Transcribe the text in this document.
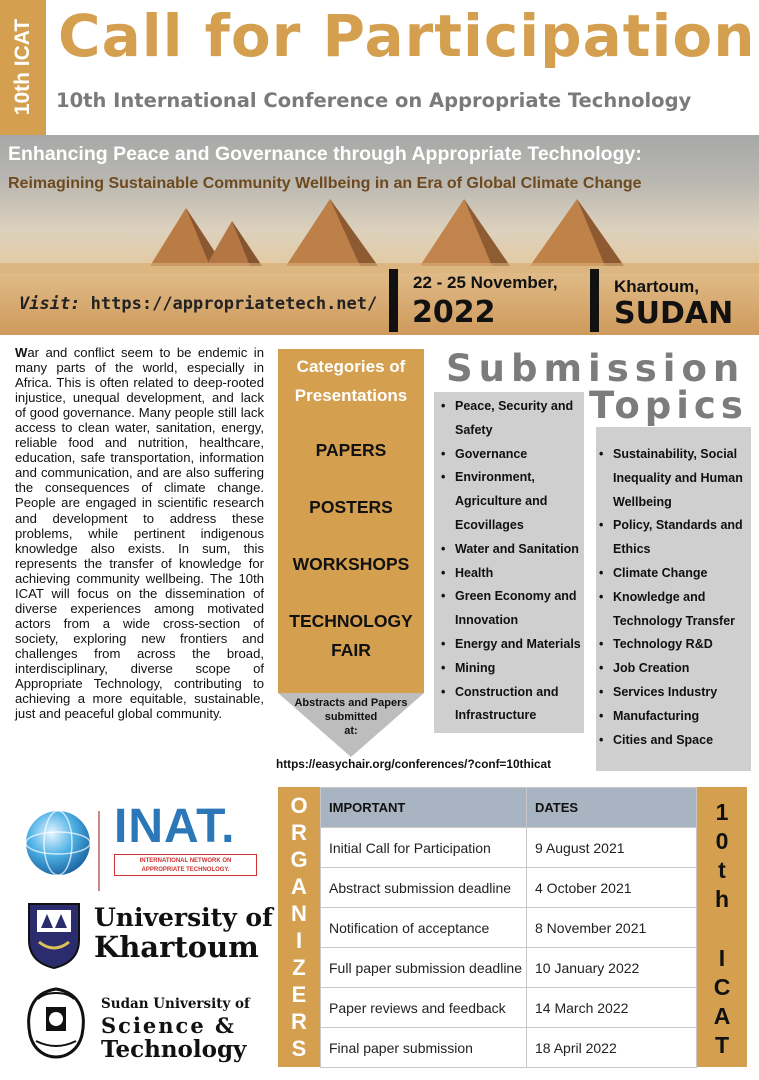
10th ICAT Call for Participation
10th International Conference on Appropriate Technology
Enhancing Peace and Governance through Appropriate Technology:
Reimagining Sustainable Community Wellbeing in an Era of Global Climate Change
Visit: https://appropriatetech.net/
22 - 25 November,
2022
Khartoum,
SUDAN

War and conflict seem to be endemic in many parts of the world, especially in Africa. This is often related to deep-rooted injustice, unequal development, and lack of good governance. Many people still lack access to clean water, sanitation, energy, reliable food and nutrition, healthcare, education, safe transportation, information and communication, and are also suffering the consequences of climate change. People are engaged in scientific research and development to address these problems, while pertinent indigenous knowledge also exists. In sum, this represents the transfer of knowledge for achieving community wellbeing. The 10th ICAT will focus on the dissemination of diverse experiences among motivated actors from a wide cross-section of society, exploring new frontiers and challenges from across the broad, interdisciplinary, diverse scope of Appropriate Technology, contributing to achieving a more equitable, sustainable, just and peaceful global community.

Categories of
Presentations
PAPERS
POSTERS
WORKSHOPS
TECHNOLOGY
FAIR
Abstracts and Papers
submitted
at:
https://easychair.org/conferences/?conf=10thicat
Submission
Topics
• Peace, Security and Safety
• Governance
• Environment, Agriculture and Ecovillages
• Water and Sanitation
• Health
• Green Economy and Innovation
• Energy and Materials
• Mining
• Construction and Infrastructure
• Sustainability, Social Inequality and Human Wellbeing
• Policy, Standards and Ethics
• Climate Change
• Knowledge and Technology Transfer
• Technology R&D
• Job Creation
• Services Industry
• Manufacturing
• Cities and Space
INAT.
INTERNATIONAL NETWORK ON
APPROPRIATE TECHNOLOGY.
University of
Khartoum
Sudan University of
Science &
Technology
O
R
G
A
N
I
Z
E
R
S
IMPORTANT	DATES
Initial Call for Participation	9 August 2021
Abstract submission deadline	4 October 2021
Notification of acceptance	8 November 2021
Full paper submission deadline	10 January 2022
Paper reviews and feedback	14 March 2022
Final paper submission	18 April 2022
1
0
t
h
I
C
A
T
